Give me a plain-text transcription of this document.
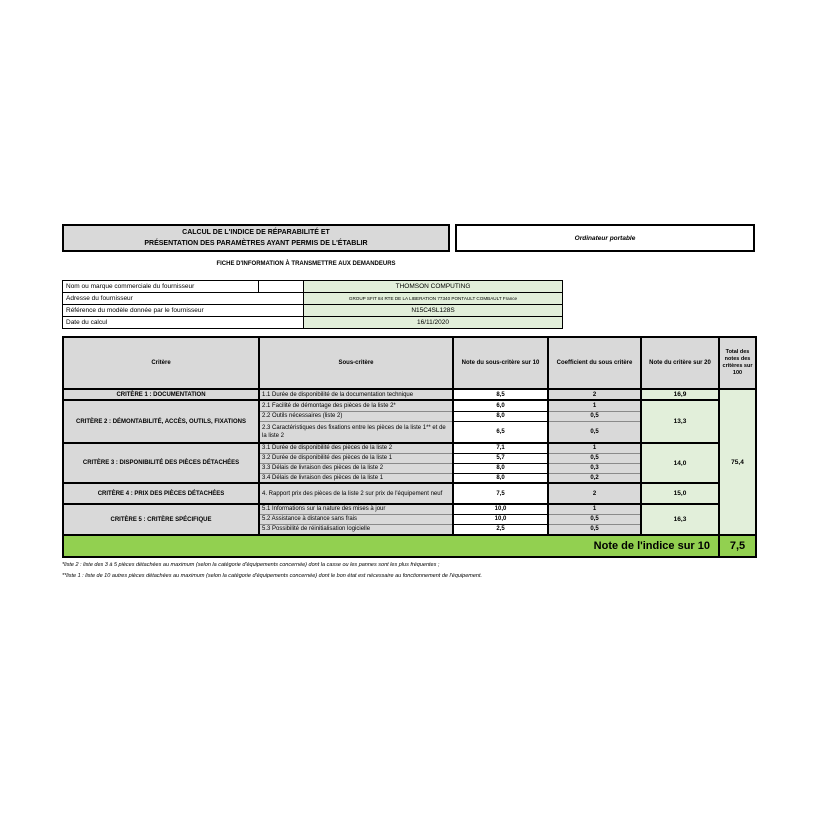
CALCUL DE L'INDICE DE RÉPARABILITÉ ET
PRÉSENTATION DES PARAMÈTRES AYANT PERMIS DE L'ÉTABLIR
Ordinateur portable
FICHE D'INFORMATION À TRANSMETTRE AUX DEMANDEURS
Nom ou marque commerciale du fournisseur		THOMSON COMPUTING
Adresse du fournisseur		GROUP SFIT 84 RTE DE LA LIBERATION 77340 PONTAULT COMBAULT France
Référence du modèle donnée par le fournisseur		N15C4SL128S
Date du calcul		16/11/2020
Critère	Sous-critère	Note du sous-critère sur 10	Coefficient du sous critère	Note du critère sur 20	Total des notes des critères sur 100
CRITÈRE 1 : DOCUMENTATION	1.1 Durée de disponibilité de la documentation technique	8,5	2	16,9	75,4
CRITÈRE 2 : DÉMONTABILITÉ, ACCÈS, OUTILS, FIXATIONS	2.1 Facilité de démontage des pièces de la liste 2*	6,0	1	13,3	
	2.2 Outils nécessaires (liste 2)	8,0	0,5		
	2.3 Caractéristiques des fixations entre les pièces de la liste 1** et de la liste 2	6,5	0,5		
CRITÈRE 3 : DISPONIBILITÉ DES PIÈCES DÉTACHÉES	3.1 Durée de disponibilité des pièces de la liste 2	7,1	1	14,0	
	3.2 Durée de disponibilité des pièces de la liste 1	5,7	0,5		
	3.3 Délais de livraison des pièces de la liste 2	8,0	0,3		
	3.4 Délais de livraison des pièces de la liste 1	8,0	0,2		
CRITÈRE 4 : PRIX DES PIÈCES DÉTACHÉES	4. Rapport prix des pièces de la liste 2 sur prix de l'équipement neuf	7,5	2	15,0	
CRITÈRE 5 : CRITÈRE SPÉCIFIQUE	5.1 Informations sur la nature des mises à jour	10,0	1	16,3	
	5.2 Assistance à distance sans frais	10,0	0,5		
	5.3 Possibilité de réinitialisation logicielle	2,5	0,5		
Note de l'indice sur 10					7,5
*liste 2 : liste des 3 à 5 pièces détachées au maximum (selon la catégorie d'équipements concernée) dont la casse ou les pannes sont les plus fréquentes ;
**liste 1 : liste de 10 autres pièces détachées au maximum (selon la catégorie d'équipements concernée) dont le bon état est nécessaire au fonctionnement de l'équipement.
